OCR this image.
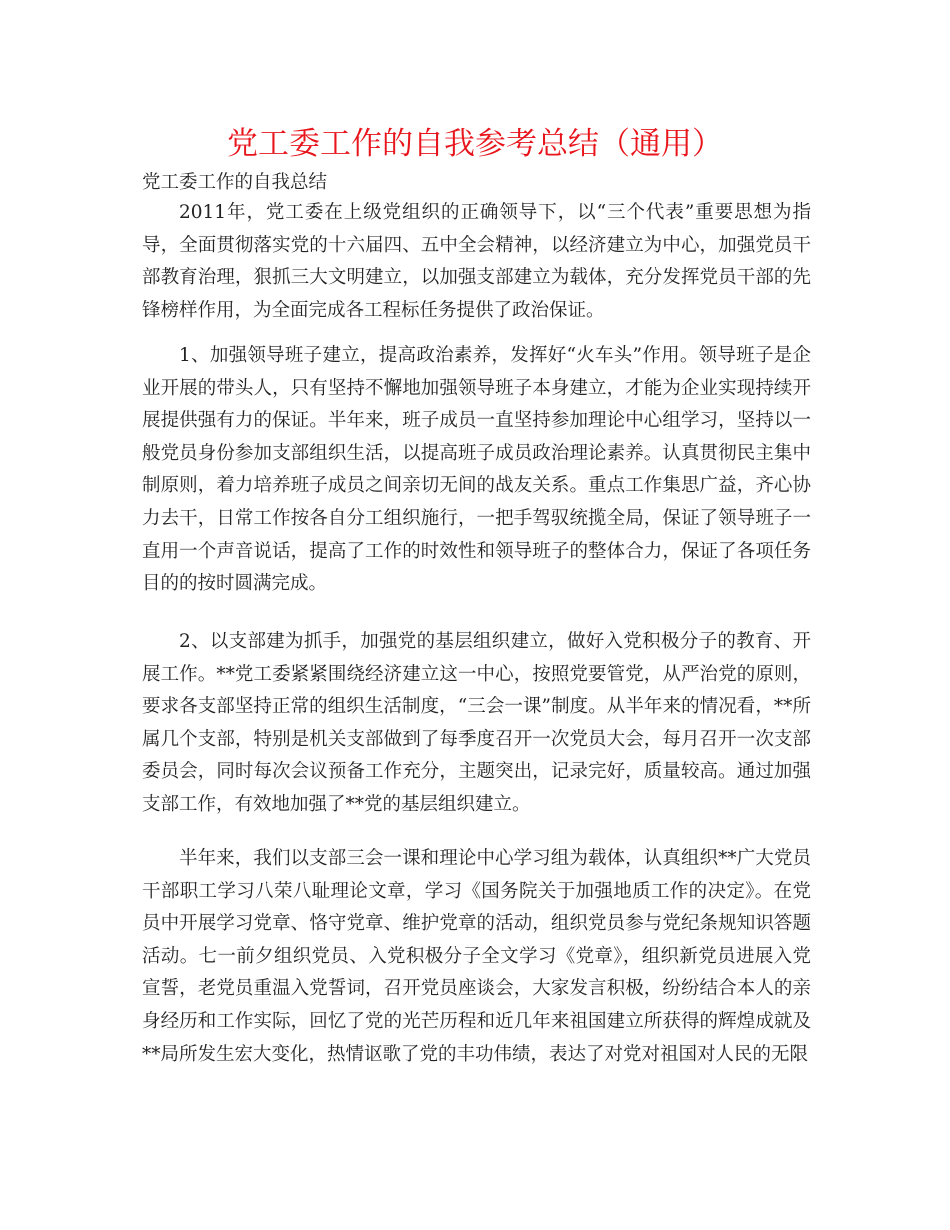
党工委工作的自我参考总结（通用）
党工委工作的自我总结
2011年，党工委在上级党组织的正确领导下，以“三个代表”重要思想为指导，全面贯彻落实党的十六届四、五中全会精神，以经济建立为中心，加强党员干部教育治理，狠抓三大文明建立，以加强支部建立为载体，充分发挥党员干部的先锋榜样作用，为全面完成各工程标任务提供了政治保证。
1、加强领导班子建立，提高政治素养，发挥好“火车头”作用。领导班子是企业开展的带头人，只有坚持不懈地加强领导班子本身建立，才能为企业实现持续开展提供强有力的保证。半年来，班子成员一直坚持参加理论中心组学习，坚持以一般党员身份参加支部组织生活，以提高班子成员政治理论素养。认真贯彻民主集中制原则，着力培养班子成员之间亲切无间的战友关系。重点工作集思广益，齐心协力去干，日常工作按各自分工组织施行，一把手驾驭统揽全局，保证了领导班子一直用一个声音说话，提高了工作的时效性和领导班子的整体合力，保证了各项任务目的的按时圆满完成。
2、以支部建为抓手，加强党的基层组织建立，做好入党积极分子的教育、开展工作。**党工委紧紧围绕经济建立这一中心，按照党要管党，从严治党的原则，要求各支部坚持正常的组织生活制度，“三会一课”制度。从半年来的情况看，**所属几个支部，特别是机关支部做到了每季度召开一次党员大会，每月召开一次支部委员会，同时每次会议预备工作充分，主题突出，记录完好，质量较高。通过加强支部工作，有效地加强了**党的基层组织建立。
半年来，我们以支部三会一课和理论中心学习组为载体，认真组织**广大党员干部职工学习八荣八耻理论文章，学习《国务院关于加强地质工作的决定》。在党员中开展学习党章、恪守党章、维护党章的活动，组织党员参与党纪条规知识答题活动。七一前夕组织党员、入党积极分子全文学习《党章》，组织新党员进展入党宣誓，老党员重温入党誓词，召开党员座谈会，大家发言积极，纷纷结合本人的亲身经历和工作实际，回忆了党的光芒历程和近几年来祖国建立所获得的辉煌成就及**局所发生宏大变化，热情讴歌了党的丰功伟绩，表达了对党对祖国对人民的无限
